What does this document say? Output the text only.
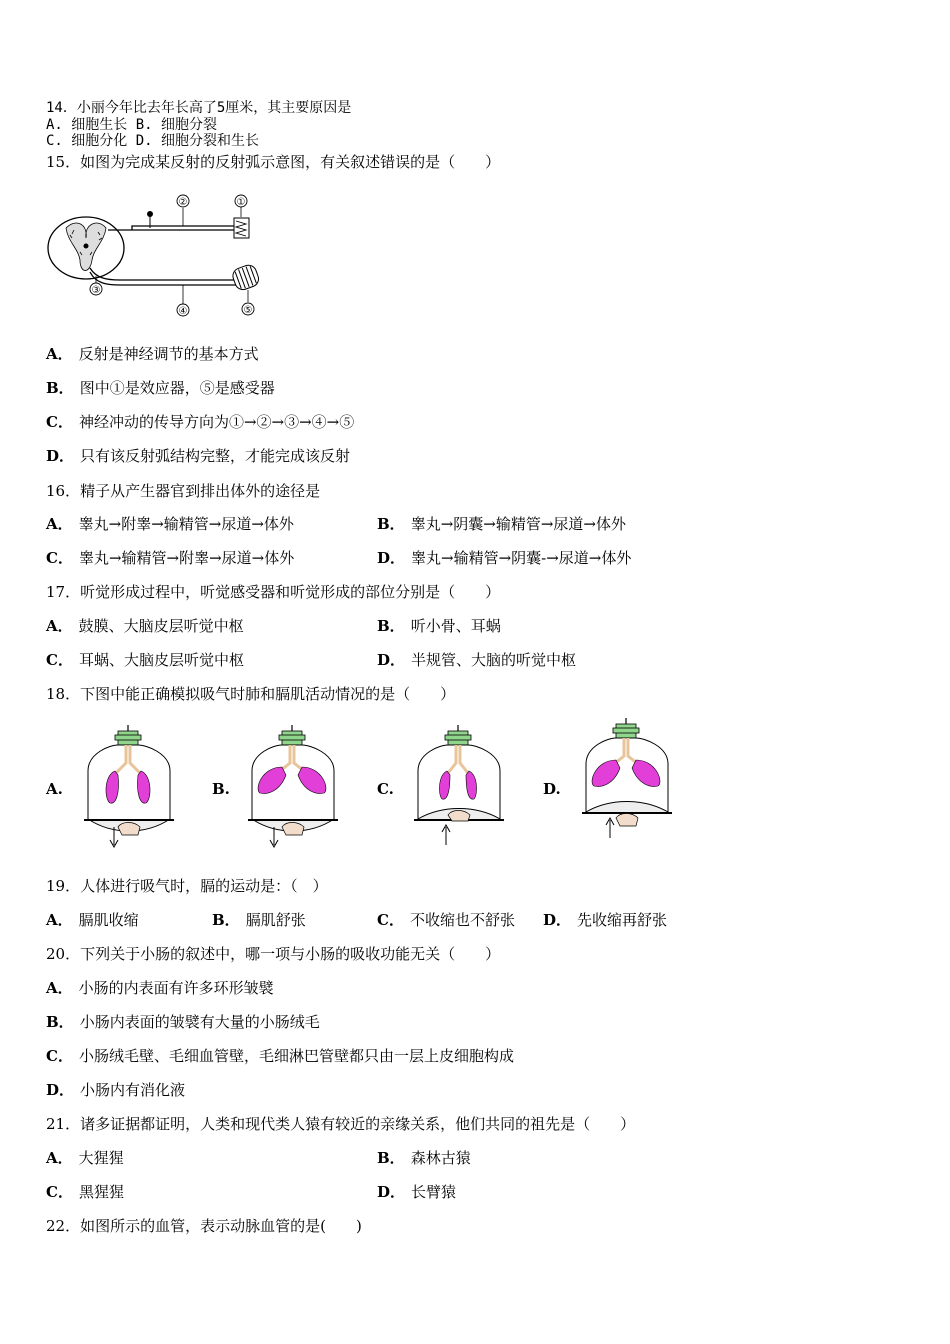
14．小丽今年比去年长高了5厘米，其主要原因是
A. 细胞生长 B. 细胞分裂
C. 细胞分化 D. 细胞分裂和生长
15．如图为完成某反射的反射弧示意图，有关叙述错误的是（　　）
①
②
③
④	⑤
A． 反射是神经调节的基本方式
B． 图中①是效应器，⑤是感受器
C． 神经冲动的传导方向为①→②→③→④→⑤
D． 只有该反射弧结构完整，才能完成该反射
16．精子从产生器官到排出体外的途径是
A． 睾丸→附睾→输精管→尿道→体外	B． 睾丸→阴囊→输精管→尿道→体外
C． 睾丸→输精管→附睾→尿道→体外	D． 睾丸→输精管→阴囊-→尿道→体外
17．听觉形成过程中，听觉感受器和听觉形成的部位分别是（　　）
A． 鼓膜、大脑皮层听觉中枢	B． 听小骨、耳蜗
C． 耳蜗、大脑皮层听觉中枢	D． 半规管、大脑的听觉中枢
18．下图中能正确模拟吸气时肺和膈肌活动情况的是（　　）
A.	B.	C.	D.
19．人体进行吸气时，膈的运动是：（　）
A． 膈肌收缩	B． 膈肌舒张	C． 不收缩也不舒张 D． 先收缩再舒张
20．下列关于小肠的叙述中，哪一项与小肠的吸收功能无关（　　）
A． 小肠的内表面有许多环形皱襞
B． 小肠内表面的皱襞有大量的小肠绒毛
C． 小肠绒毛壁、毛细血管壁，毛细淋巴管壁都只由一层上皮细胞构成
D． 小肠内有消化液
21．诸多证据都证明，人类和现代类人猿有较近的亲缘关系，他们共同的祖先是（　　）
A． 大猩猩	B． 森林古猿
C． 黑猩猩	D． 长臂猿
22．如图所示的血管，表示动脉血管的是(　　)
